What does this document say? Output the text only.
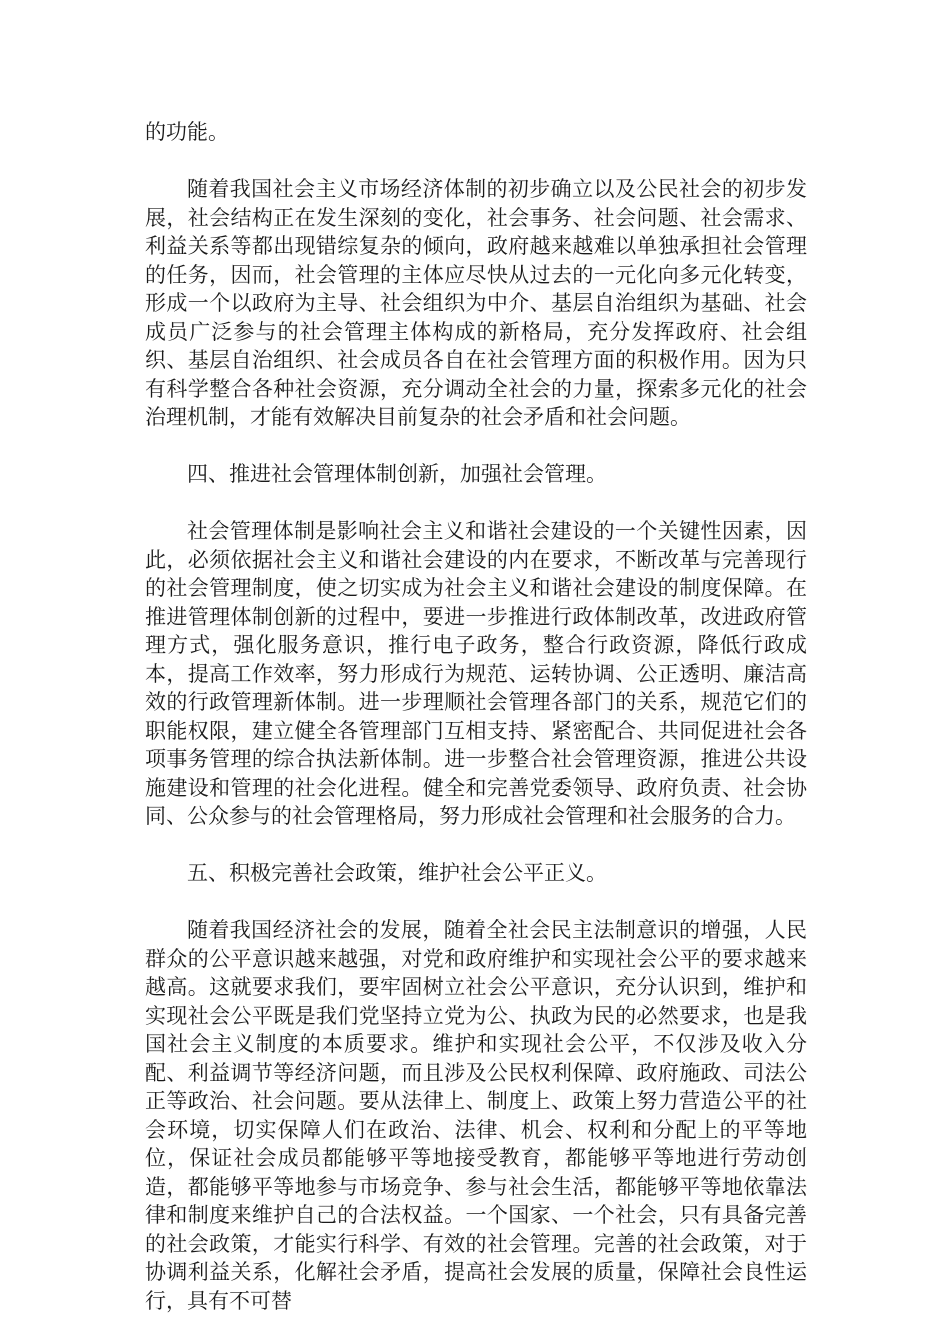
的功能。

随着我国社会主义市场经济体制的初步确立以及公民社会的初步发展，社会结构正在发生深刻的变化，社会事务、社会问题、社会需求、利益关系等都出现错综复杂的倾向，政府越来越难以单独承担社会管理的任务，因而，社会管理的主体应尽快从过去的一元化向多元化转变，形成一个以政府为主导、社会组织为中介、基层自治组织为基础、社会成员广泛参与的社会管理主体构成的新格局，充分发挥政府、社会组织、基层自治组织、社会成员各自在社会管理方面的积极作用。因为只有科学整合各种社会资源，充分调动全社会的力量，探索多元化的社会治理机制，才能有效解决目前复杂的社会矛盾和社会问题。

四、推进社会管理体制创新，加强社会管理。

社会管理体制是影响社会主义和谐社会建设的一个关键性因素，因此，必须依据社会主义和谐社会建设的内在要求，不断改革与完善现行的社会管理制度，使之切实成为社会主义和谐社会建设的制度保障。在推进管理体制创新的过程中，要进一步推进行政体制改革，改进政府管理方式，强化服务意识，推行电子政务，整合行政资源，降低行政成本，提高工作效率，努力形成行为规范、运转协调、公正透明、廉洁高效的行政管理新体制。进一步理顺社会管理各部门的关系，规范它们的职能权限，建立健全各管理部门互相支持、紧密配合、共同促进社会各项事务管理的综合执法新体制。进一步整合社会管理资源，推进公共设施建设和管理的社会化进程。健全和完善党委领导、政府负责、社会协同、公众参与的社会管理格局，努力形成社会管理和社会服务的合力。

五、积极完善社会政策，维护社会公平正义。

随着我国经济社会的发展，随着全社会民主法制意识的增强，人民群众的公平意识越来越强，对党和政府维护和实现社会公平的要求越来越高。这就要求我们，要牢固树立社会公平意识，充分认识到，维护和实现社会公平既是我们党坚持立党为公、执政为民的必然要求，也是我国社会主义制度的本质要求。维护和实现社会公平，不仅涉及收入分配、利益调节等经济问题，而且涉及公民权利保障、政府施政、司法公正等政治、社会问题。要从法律上、制度上、政策上努力营造公平的社会环境，切实保障人们在政治、法律、机会、权利和分配上的平等地位，保证社会成员都能够平等地接受教育，都能够平等地进行劳动创造，都能够平等地参与市场竞争、参与社会生活，都能够平等地依靠法律和制度来维护自己的合法权益。一个国家、一个社会，只有具备完善的社会政策，才能实行科学、有效的社会管理。完善的社会政策，对于协调利益关系，化解社会矛盾，提高社会发展的质量，保障社会良性运行，具有不可替
